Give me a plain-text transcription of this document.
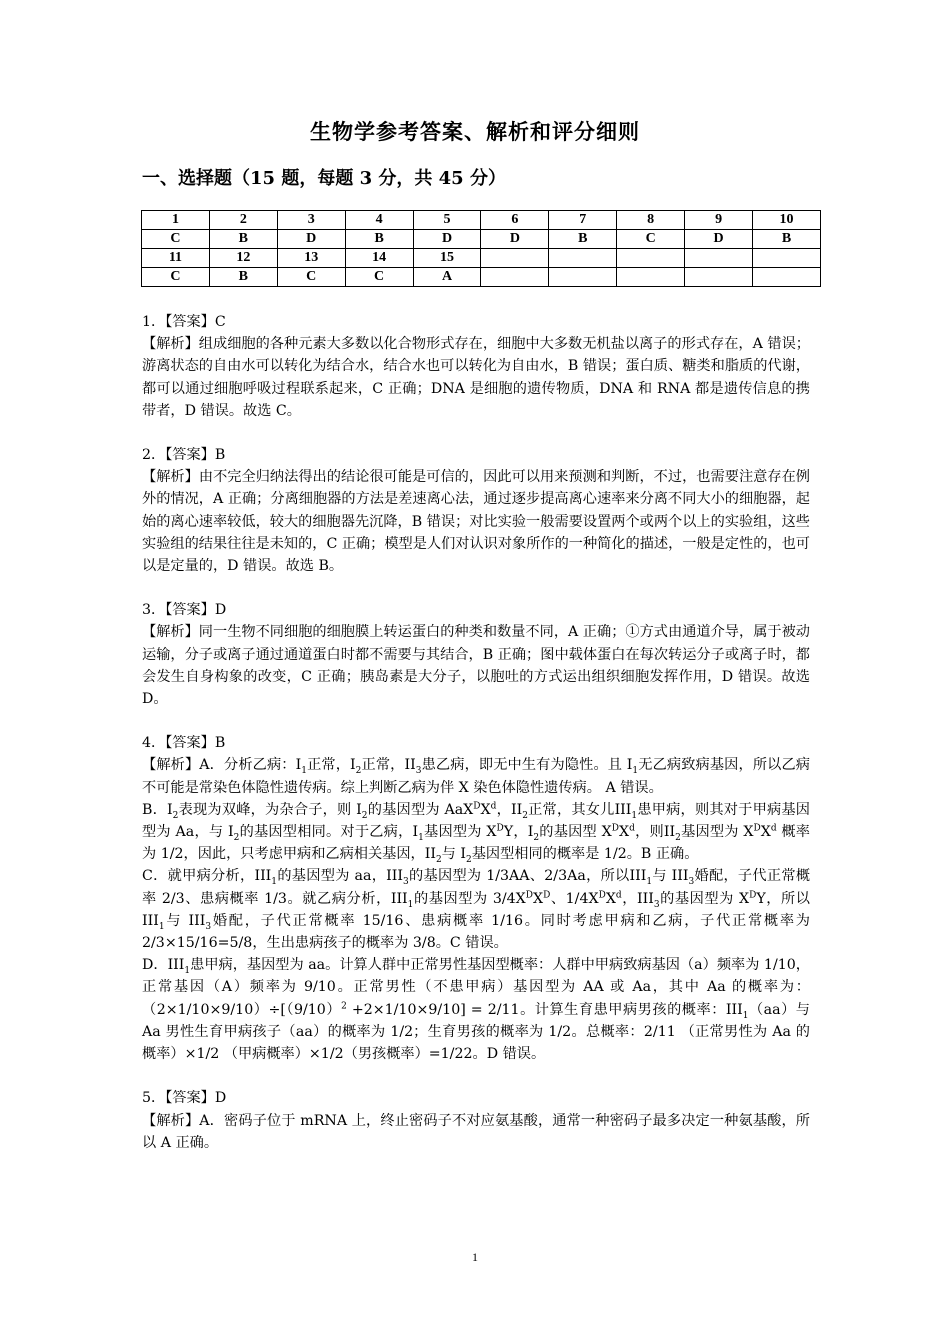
生物学参考答案、解析和评分细则
一、选择题（15 题，每题 3 分，共 45 分）
1	2	3	4	5	6	7	8	9	10
C	B	D	B	D	D	B	C	D	B
11	12	13	14	15					
C	B	C	C	A					

1．【答案】C

【解析】组成细胞的各种元素大多数以化合物形式存在，细胞中大多数无机盐以离子的形式存在，A 错误；游离状态的自由水可以转化为结合水，结合水也可以转化为自由水，B 错误；蛋白质、糖类和脂质的代谢，都可以通过细胞呼吸过程联系起来，C 正确；DNA 是细胞的遗传物质，DNA 和 RNA 都是遗传信息的携带者，D 错误。故选 C。

2．【答案】B

【解析】由不完全归纳法得出的结论很可能是可信的，因此可以用来预测和判断，不过，也需要注意存在例外的情况，A 正确；分离细胞器的方法是差速离心法，通过逐步提高离心速率来分离不同大小的细胞器，起始的离心速率较低，较大的细胞器先沉降，B 错误；对比实验一般需要设置两个或两个以上的实验组，这些实验组的结果往往是未知的，C 正确；模型是人们对认识对象所作的一种简化的描述，一般是定性的，也可以是定量的，D 错误。故选 B。

3．【答案】D

【解析】同一生物不同细胞的细胞膜上转运蛋白的种类和数量不同，A 正确；①方式由通道介导，属于被动运输，分子或离子通过通道蛋白时都不需要与其结合，B 正确；图中载体蛋白在每次转运分子或离子时，都会发生自身构象的改变，C 正确；胰岛素是大分子，以胞吐的方式运出组织细胞发挥作用，D 错误。故选 D。

4．【答案】B

【解析】A．分析乙病：$I_1$正常，$I_2$正常，$II_3$患乙病，即无中生有为隐性。且 $I_1$无乙病致病基因，所以乙病不可能是常染色体隐性遗传病。综上判断乙病为伴 X 染色体隐性遗传病。 A 错误。

B．$I_2$表现为双峰，为杂合子，则 $I_2$的基因型为 $AaX^DX^d$，$II_2$正常，其女儿$III_1$患甲病，则其对于甲病基因型为 Aa，与 $I_2$的基因型相同。对于乙病，$I_1$基因型为 $X^DY$，$I_2$的基因型 $X^DX^d$，则$II_2$基因型为 $X^DX^d$ 概率为 1/2，因此，只考虑甲病和乙病相关基因，$II_2$与 $I_2$基因型相同的概率是 1/2。B 正确。

C．就甲病分析，$III_1$的基因型为 aa，$III_3$的基因型为 1/3AA、2/3Aa，所以$III_1$与 $III_3$婚配，子代正常概率 2/3、患病概率 1/3。就乙病分析，$III_1$的基因型为 $3/4X^DX^D$、$1/4X^DX^d$，$III_3$的基因型为 $X^DY$，所以$III_1$与 $III_3$婚配，子代正常概率 15/16、患病概率 1/16。同时考虑甲病和乙病，子代正常概率为 2/3×15/16=5/8，生出患病孩子的概率为 3/8。C 错误。

D．$III_1$患甲病，基因型为 aa。计算人群中正常男性基因型概率：人群中甲病致病基因（a）频率为 1/10，正常基因（A）频率为 9/10。正常男性（不患甲病）基因型为 AA 或 Aa，其中 Aa 的概率为：$(2\times 1/10\times 9/10)\div[(9/10)^2 +2\times 1/10\times 9/10] = 2/11$。计算生育患甲病男孩的概率：$III_1(aa)$与 Aa 男性生育甲病孩子（aa）的概率为 1/2；生育男孩的概率为 1/2。总概率：2/11 （正常男性为 Aa 的概率）×1/2 （甲病概率）×1/2（男孩概率）=1/22。D 错误。

5．【答案】D

【解析】A．密码子位于 mRNA 上，终止密码子不对应氨基酸，通常一种密码子最多决定一种氨基酸，所以 A 正确。

1
